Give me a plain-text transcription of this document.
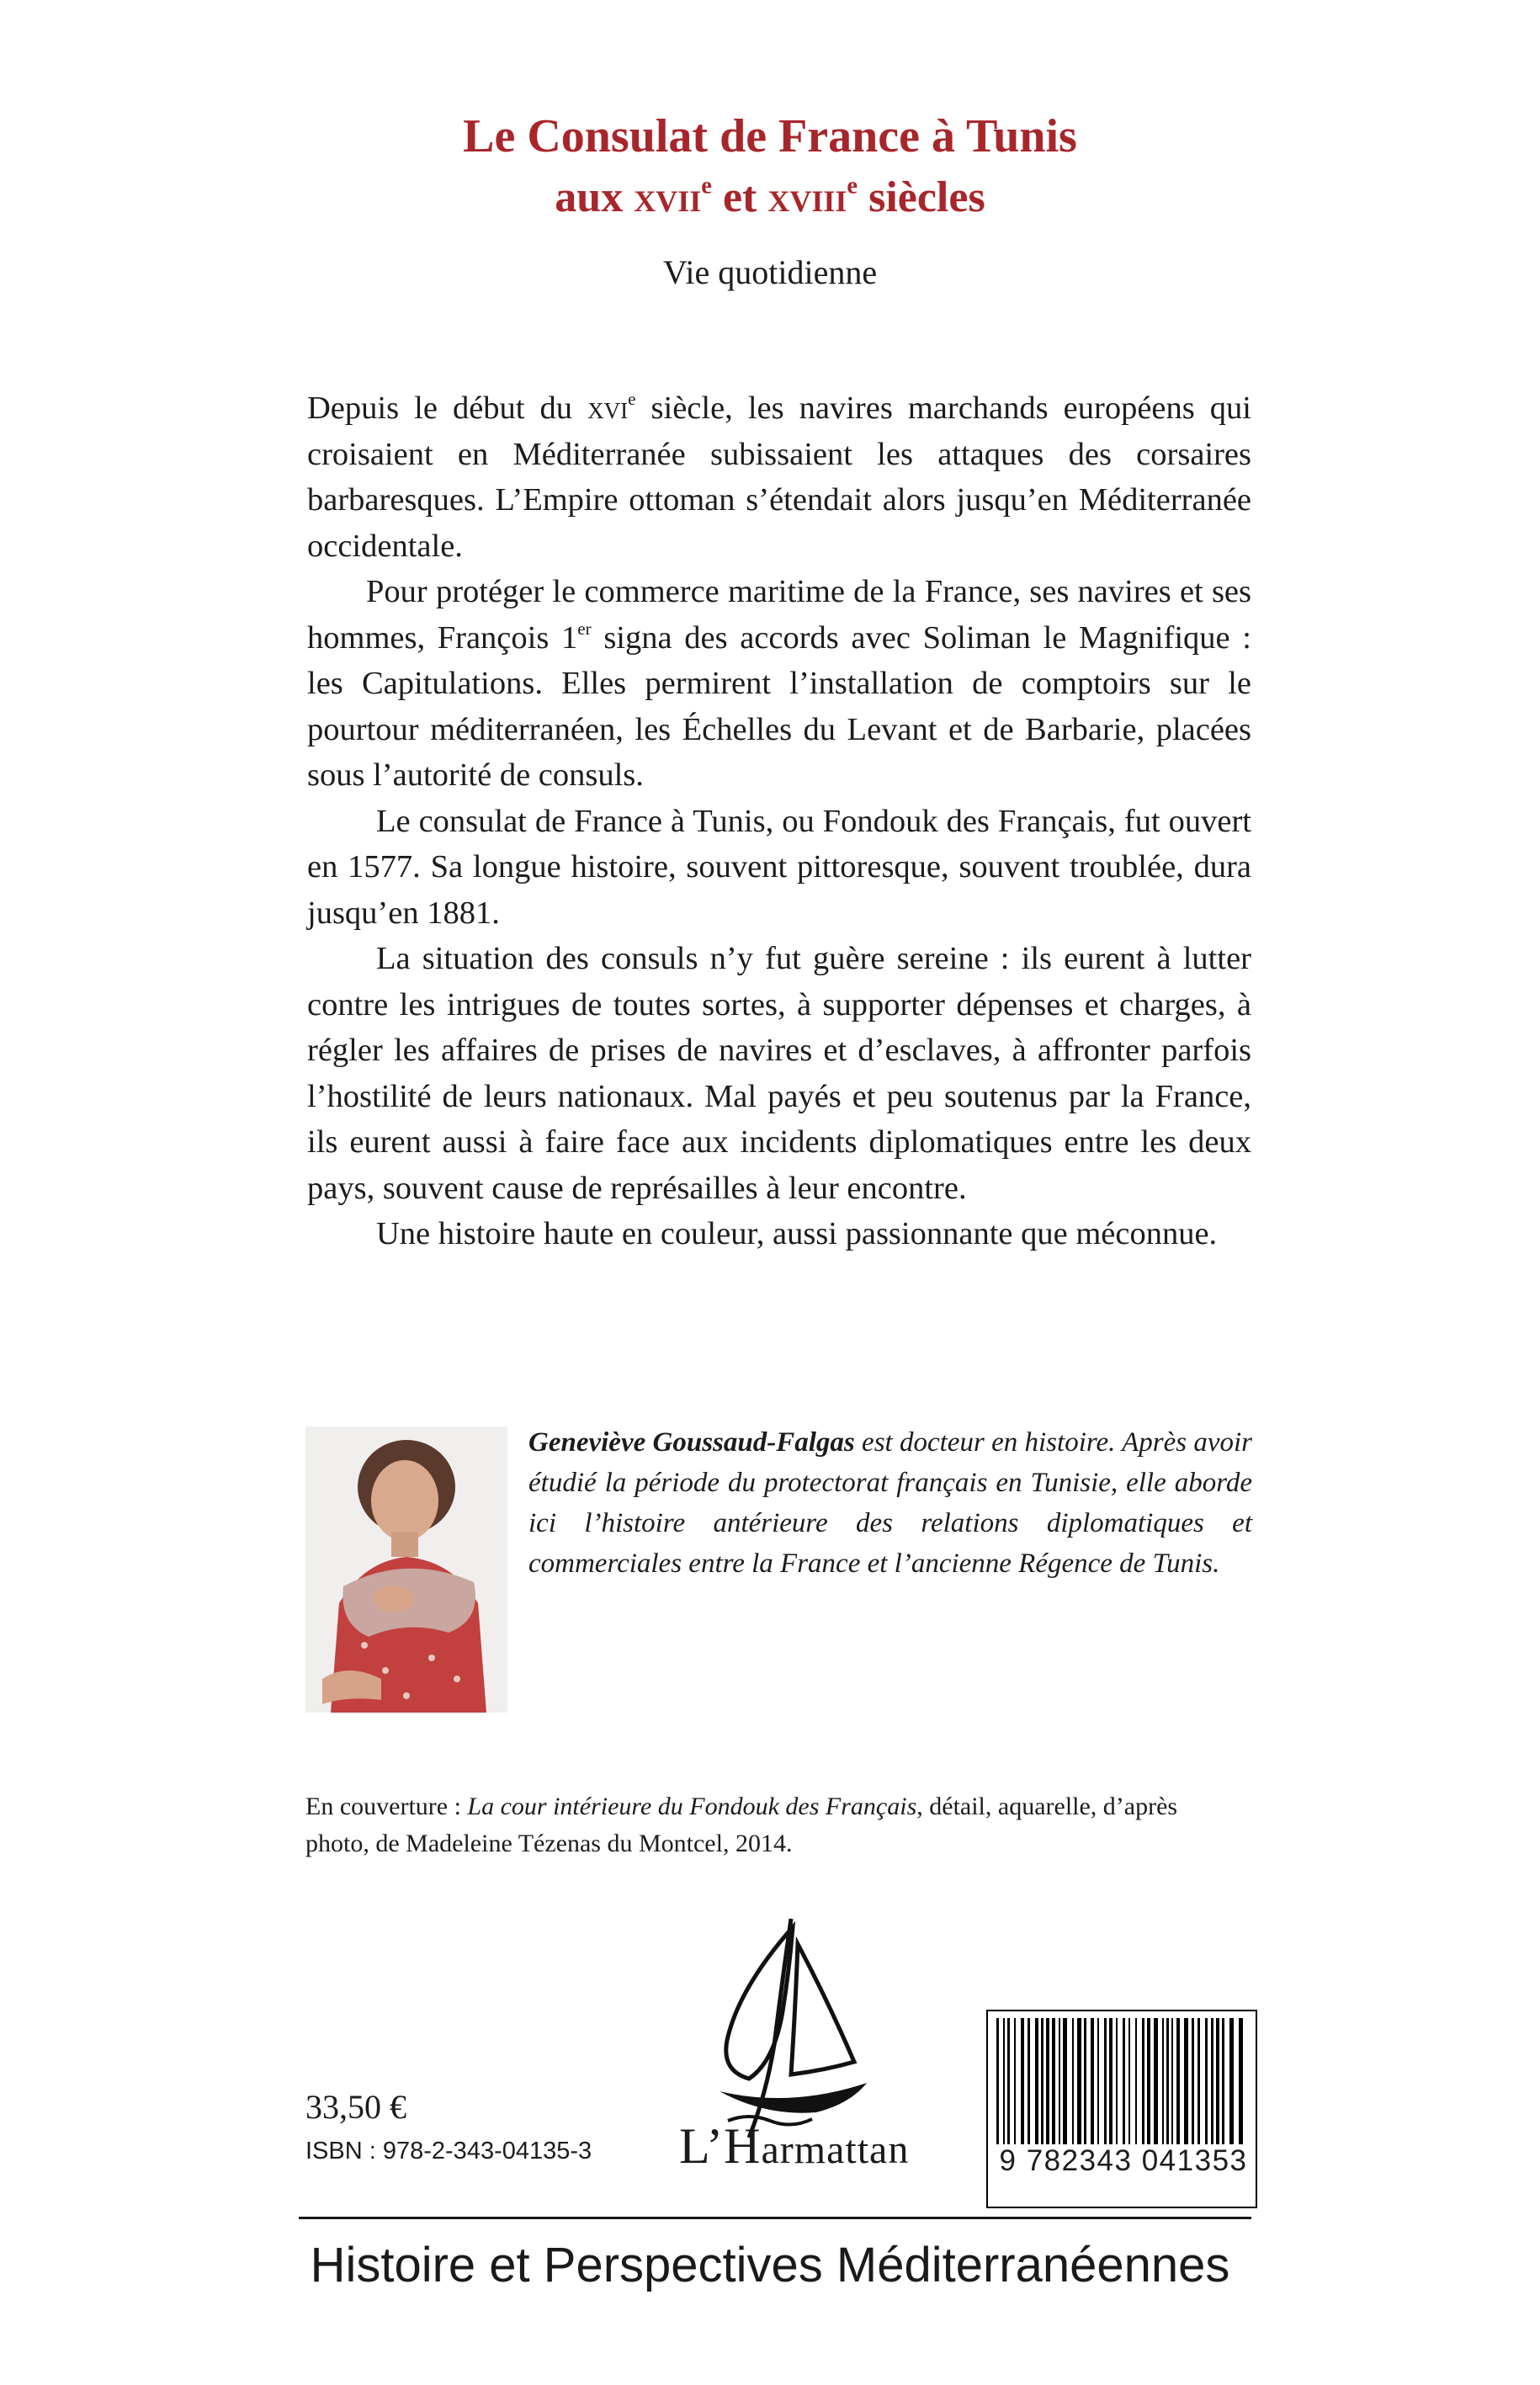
Le Consulat de France à Tunis
aux xvii$^e$ et xviii$^e$ siècles
Vie quotidienne

Depuis le début du xvi$^e$ siècle, les navires marchands européens qui croisaient en Méditerranée subissaient les attaques des corsaires barbaresques. L’Empire ottoman s’étendait alors jusqu’en Méditerranée occidentale.

Pour protéger le commerce maritime de la France, ses navires et ses hommes, François 1er signa des accords avec Soliman le Magnifique : les Capitulations. Elles permirent l’installation de comptoirs sur le pourtour méditerranéen, les Échelles du Levant et de Barbarie, placées sous l’autorité de consuls.

Le consulat de France à Tunis, ou Fondouk des Français, fut ouvert en 1577. Sa longue histoire, souvent pittoresque, souvent troublée, dura jusqu’en 1881.

La situation des consuls n’y fut guère sereine : ils eurent à lutter contre les intrigues de toutes sortes, à supporter dépenses et charges, à régler les affaires de prises de navires et d’esclaves, à affronter parfois l’hostilité de leurs nationaux. Mal payés et peu soutenus par la France, ils eurent aussi à faire face aux incidents diplomatiques entre les deux pays, souvent cause de représailles à leur encontre.

Une histoire haute en couleur, aussi passionnante que méconnue.

Geneviève Goussaud-Falgas est docteur en histoire. Après avoir étudié la période du protectorat français en Tunisie, elle aborde ici l’histoire antérieure des relations diplomatiques et commerciales entre la France et l’ancienne Régence de Tunis.
En couverture : La cour intérieure du Fondouk des Français, détail, aquarelle, d’après photo, de Madeleine Tézenas du Montcel, 2014.
L’Harmattan
33,50 €
ISBN : 978-2-343-04135-3	9 782343 041353
Histoire et Perspectives Méditerranéennes
